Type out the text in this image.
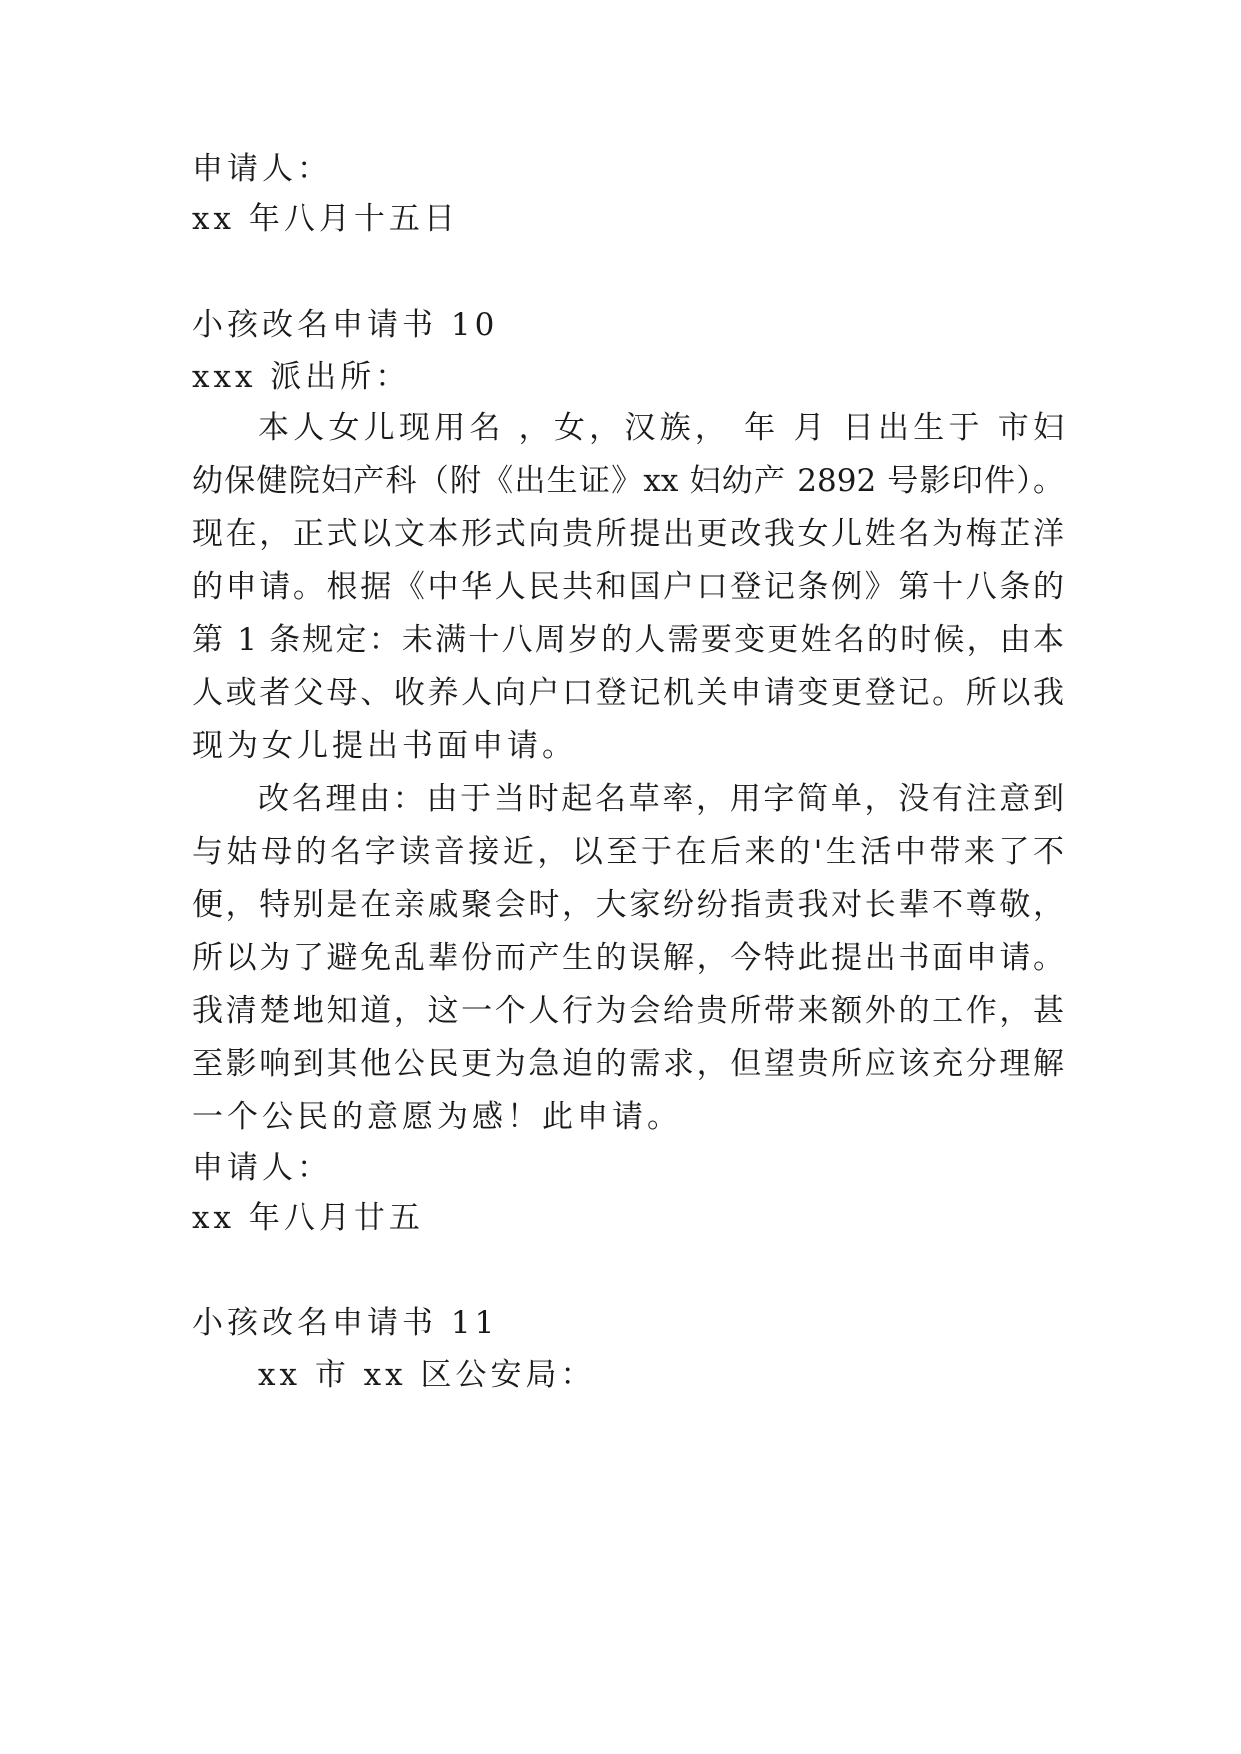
申请人：
xx 年八月十五日
小孩改名申请书 10
xxx 派出所：
本人女儿现用名 ，女，汉族， 年 月 日出生于 市妇
幼保健院妇产科（附《出生证》xx 妇幼产 2892 号影印件）。
现在，正式以文本形式向贵所提出更改我女儿姓名为梅芷洋
的申请。根据《中华人民共和国户口登记条例》第十八条的
第 1 条规定：未满十八周岁的人需要变更姓名的时候，由本
人或者父母、收养人向户口登记机关申请变更登记。所以我
现为女儿提出书面申请。
改名理由：由于当时起名草率，用字简单，没有注意到
与姑母的名字读音接近，以至于在后来的'生活中带来了不
便，特别是在亲戚聚会时，大家纷纷指责我对长辈不尊敬，
所以为了避免乱辈份而产生的误解，今特此提出书面申请。
我清楚地知道，这一个人行为会给贵所带来额外的工作，甚
至影响到其他公民更为急迫的需求，但望贵所应该充分理解
一个公民的意愿为感！此申请。
申请人：
xx 年八月廿五
小孩改名申请书 11
xx 市 xx 区公安局：
